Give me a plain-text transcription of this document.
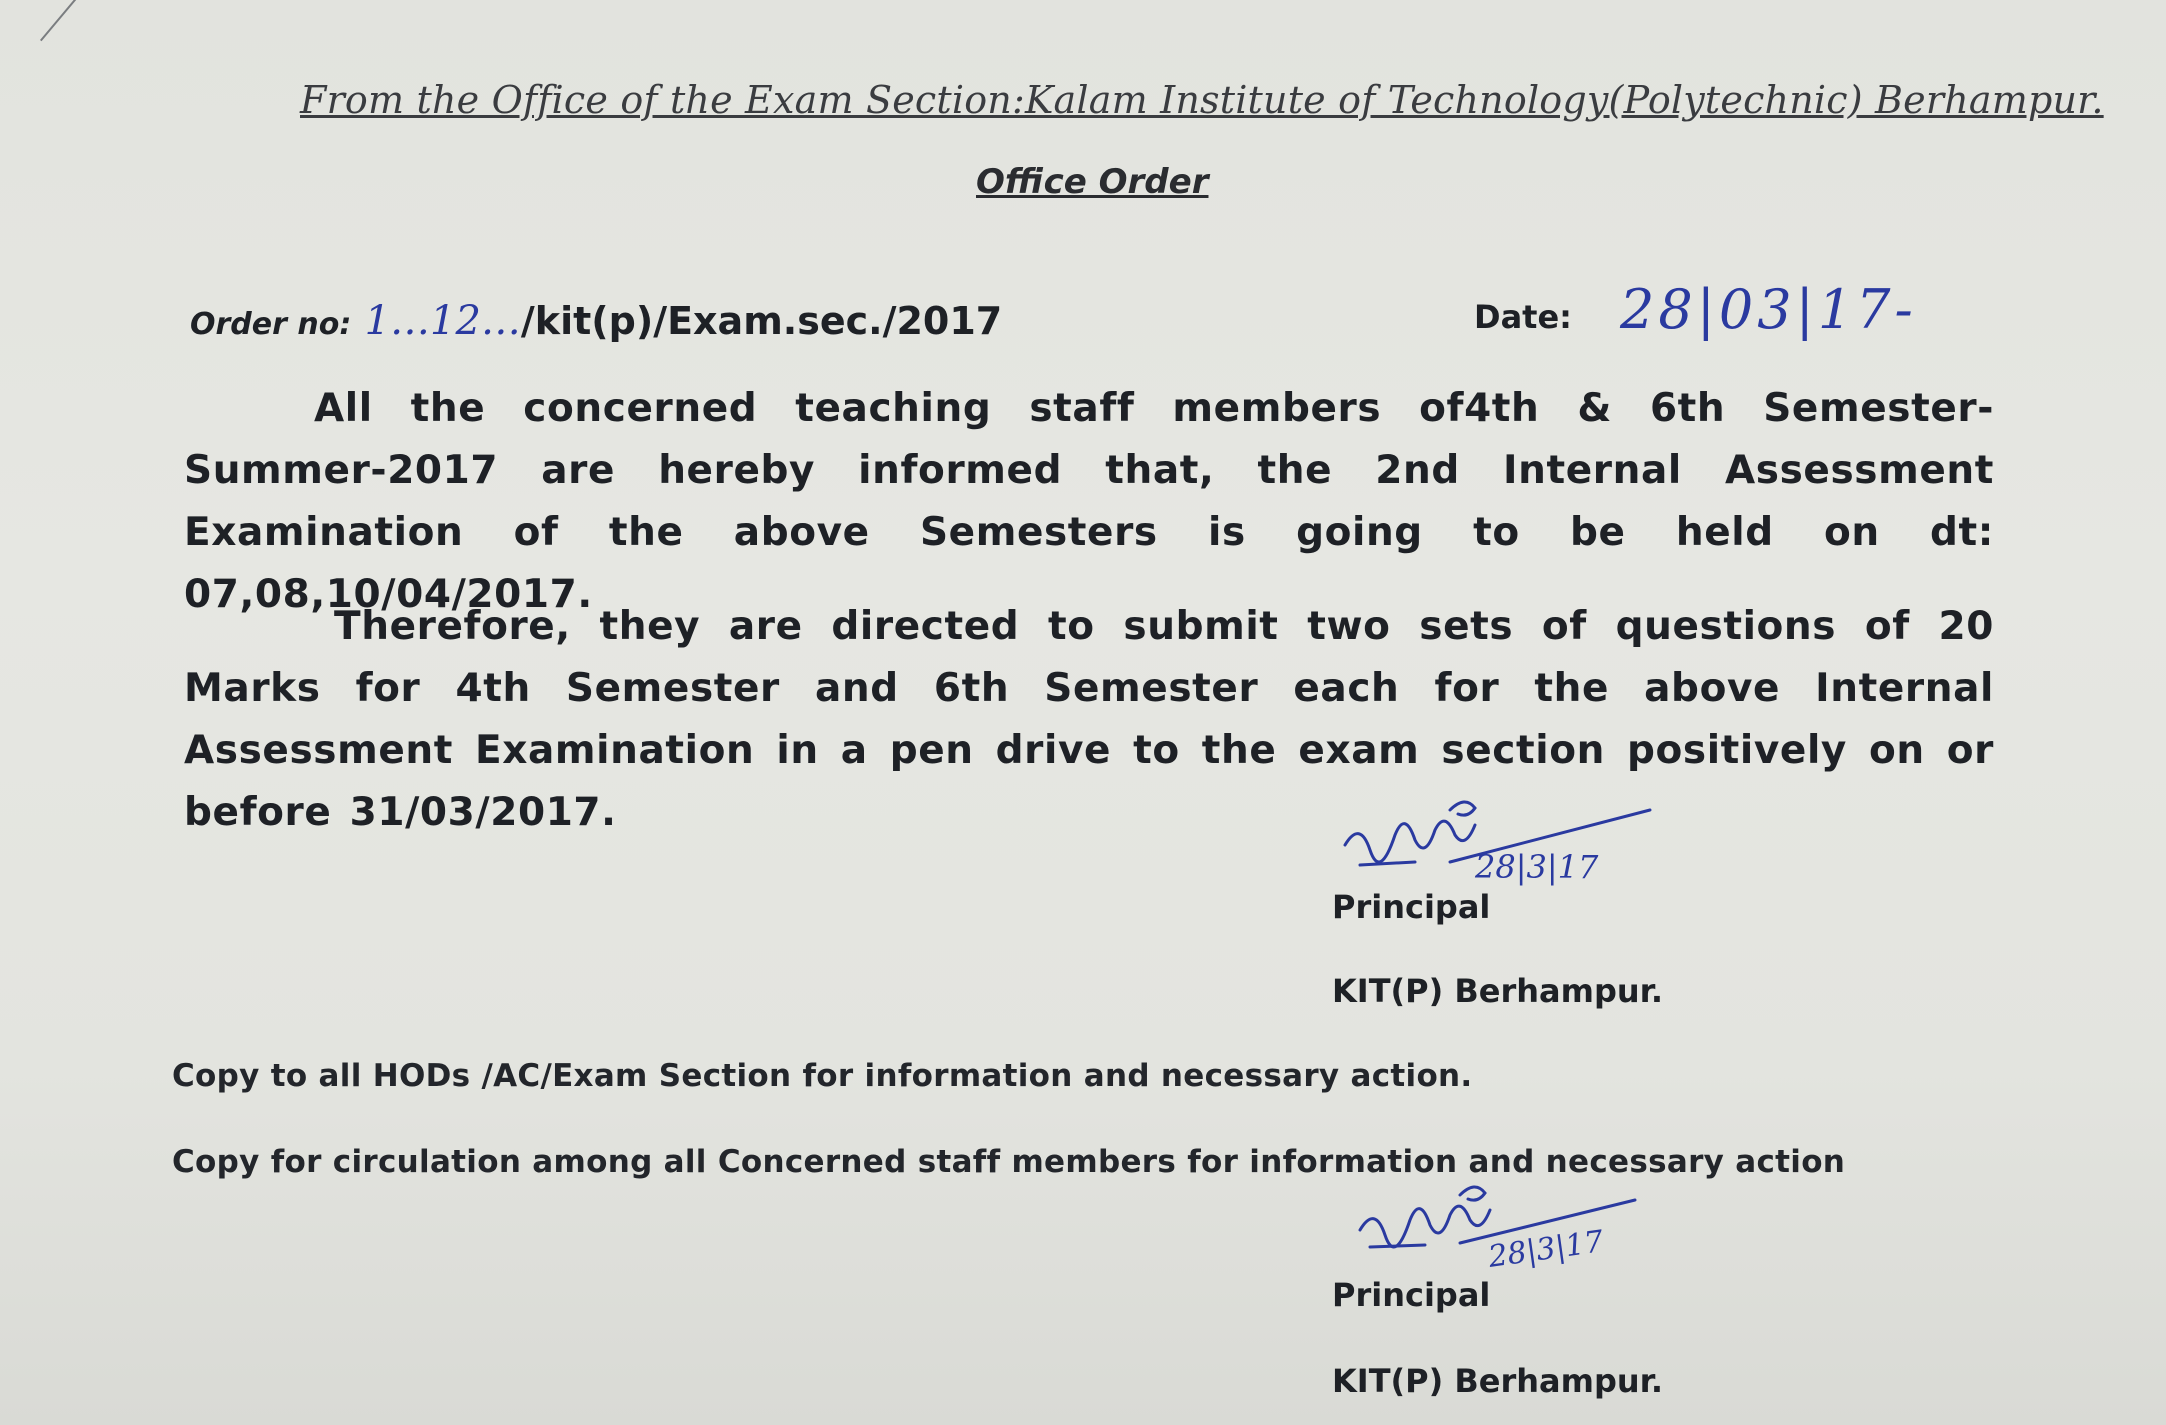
From the Office of the Exam Section:Kalam Institute of Technology(Polytechnic) Berhampur.
Office Order
Order no: 1…12…/kit(p)/Exam.sec./2017	Date: 28|03|17-
All the concerned teaching staff members of4th & 6th Semester-Summer-2017 are hereby informed that, the 2nd Internal Assessment Examination of the above Semesters is going to be held on dt: 07,08,10/04/2017.
Therefore, they are directed to submit two sets of questions of 20 Marks for 4th Semester and 6th Semester each for the above Internal Assessment Examination in a pen drive to the exam section positively on or before 31/03/2017.
28|3|17
Principal
KIT(P) Berhampur.
Copy to all HODs /AC/Exam Section for information and necessary action.
Copy for circulation among all Concerned staff members for information and necessary action
28|3|17
Principal
KIT(P) Berhampur.
